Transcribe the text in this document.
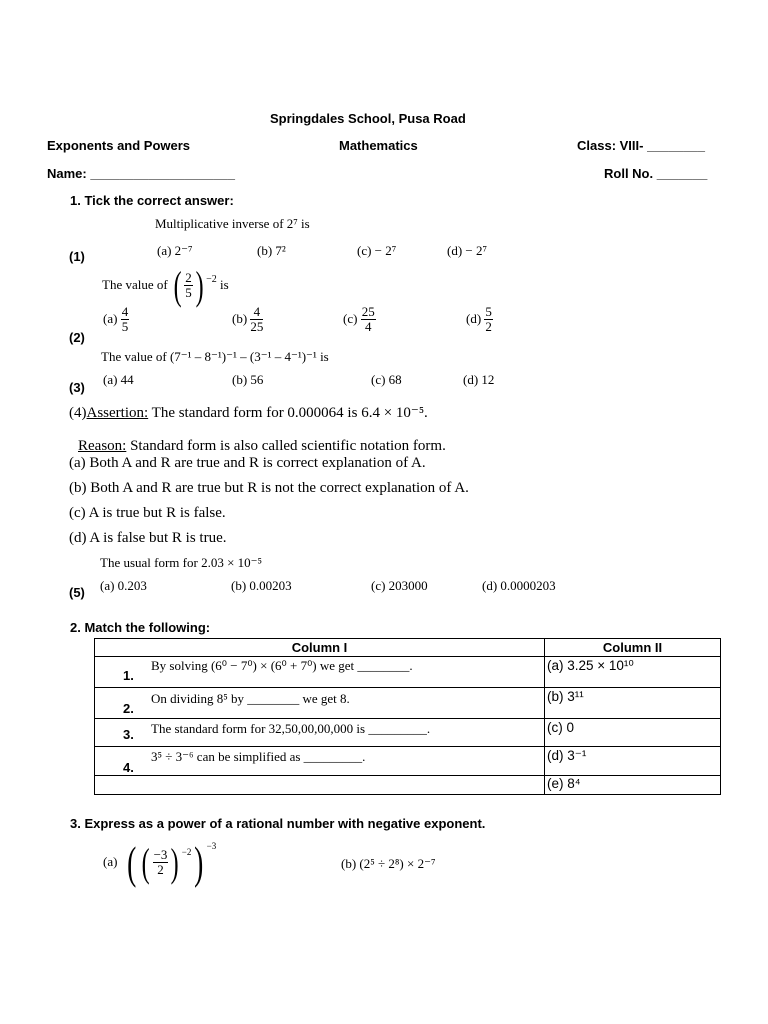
Springdales School, Pusa Road
Exponents and Powers	Mathematics	Class: VIII- ________
Name: ____________________	Roll No. _______
1. Tick the correct answer:
Multiplicative inverse of 2⁷ is
(a) 2⁻⁷	(b) 7²	(c) − 2⁷	(d) − 2⁷
(1)
The value of
( $\frac{2}{5}$ ) $^{-2}$
is
(a)
$\frac{4}{5}$	(b)
$\frac{4}{25}$	(c)
$\frac{25}{4}$	(d)
$\frac{5}{2}$
(2)
The value of (7⁻¹ – 8⁻¹)⁻¹ – (3⁻¹ – 4⁻¹)⁻¹ is
(a) 44	(b) 56	(c) 68	(d) 12
(3)
(4)Assertion: The standard form for 0.000064 is 6.4 × 10⁻⁵.
Reason: Standard form is also called scientific notation form.
(a) Both A and R are true and R is correct explanation of A.
(b) Both A and R are true but R is not the correct explanation of A.
(c) A is true but R is false.
(d) A is false but R is true.
The usual form for 2.03 × 10⁻⁵
(a) 0.203	(b) 0.00203	(c) 203000	(d) 0.0000203
(5)
2. Match the following:
Column I	Column II

1.
By solving (6⁰ − 7⁰) × (6⁰ + 7⁰) we get ________.	(a) 3.25 × 10¹⁰

2.
On dividing 8⁵ by ________ we get 8.	(b) 3¹¹

3. The standard form for 32,50,00,00,000 is _________.	(c) 0

4.
3⁵ ÷ 3⁻⁶ can be simplified as _________.	(d) 3⁻¹

	(e) 8⁴
3. Express as a power of a rational number with negative exponent.
(a)
( ( $\frac{-3}{2}$ ) $^{-2}$ ) $^{-3}$
(b) (2⁵ ÷ 2⁸) × 2⁻⁷
